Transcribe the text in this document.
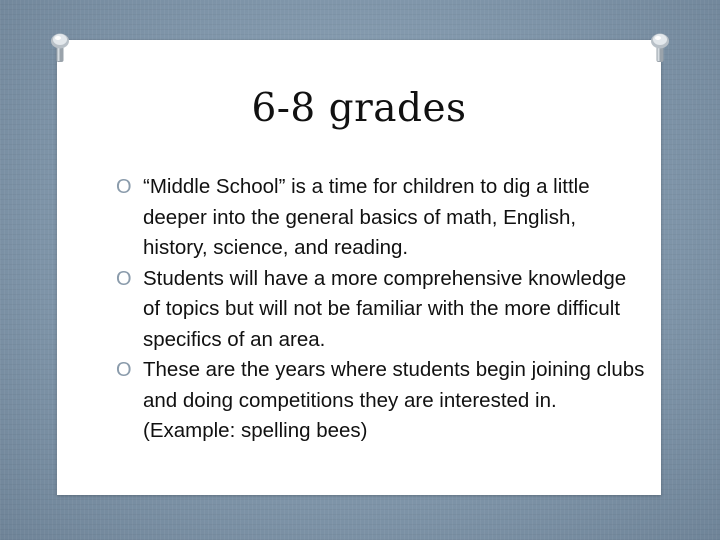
6-8 grades
O “Middle School” is a time for children to dig a little deeper into the general basics of math, English, history, science, and reading.
O Students will have a more comprehensive knowledge of topics but will not be familiar with the more difficult specifics of an area.
O These are the years where students begin joining clubs and doing competitions they are interested in. (Example: spelling bees)
